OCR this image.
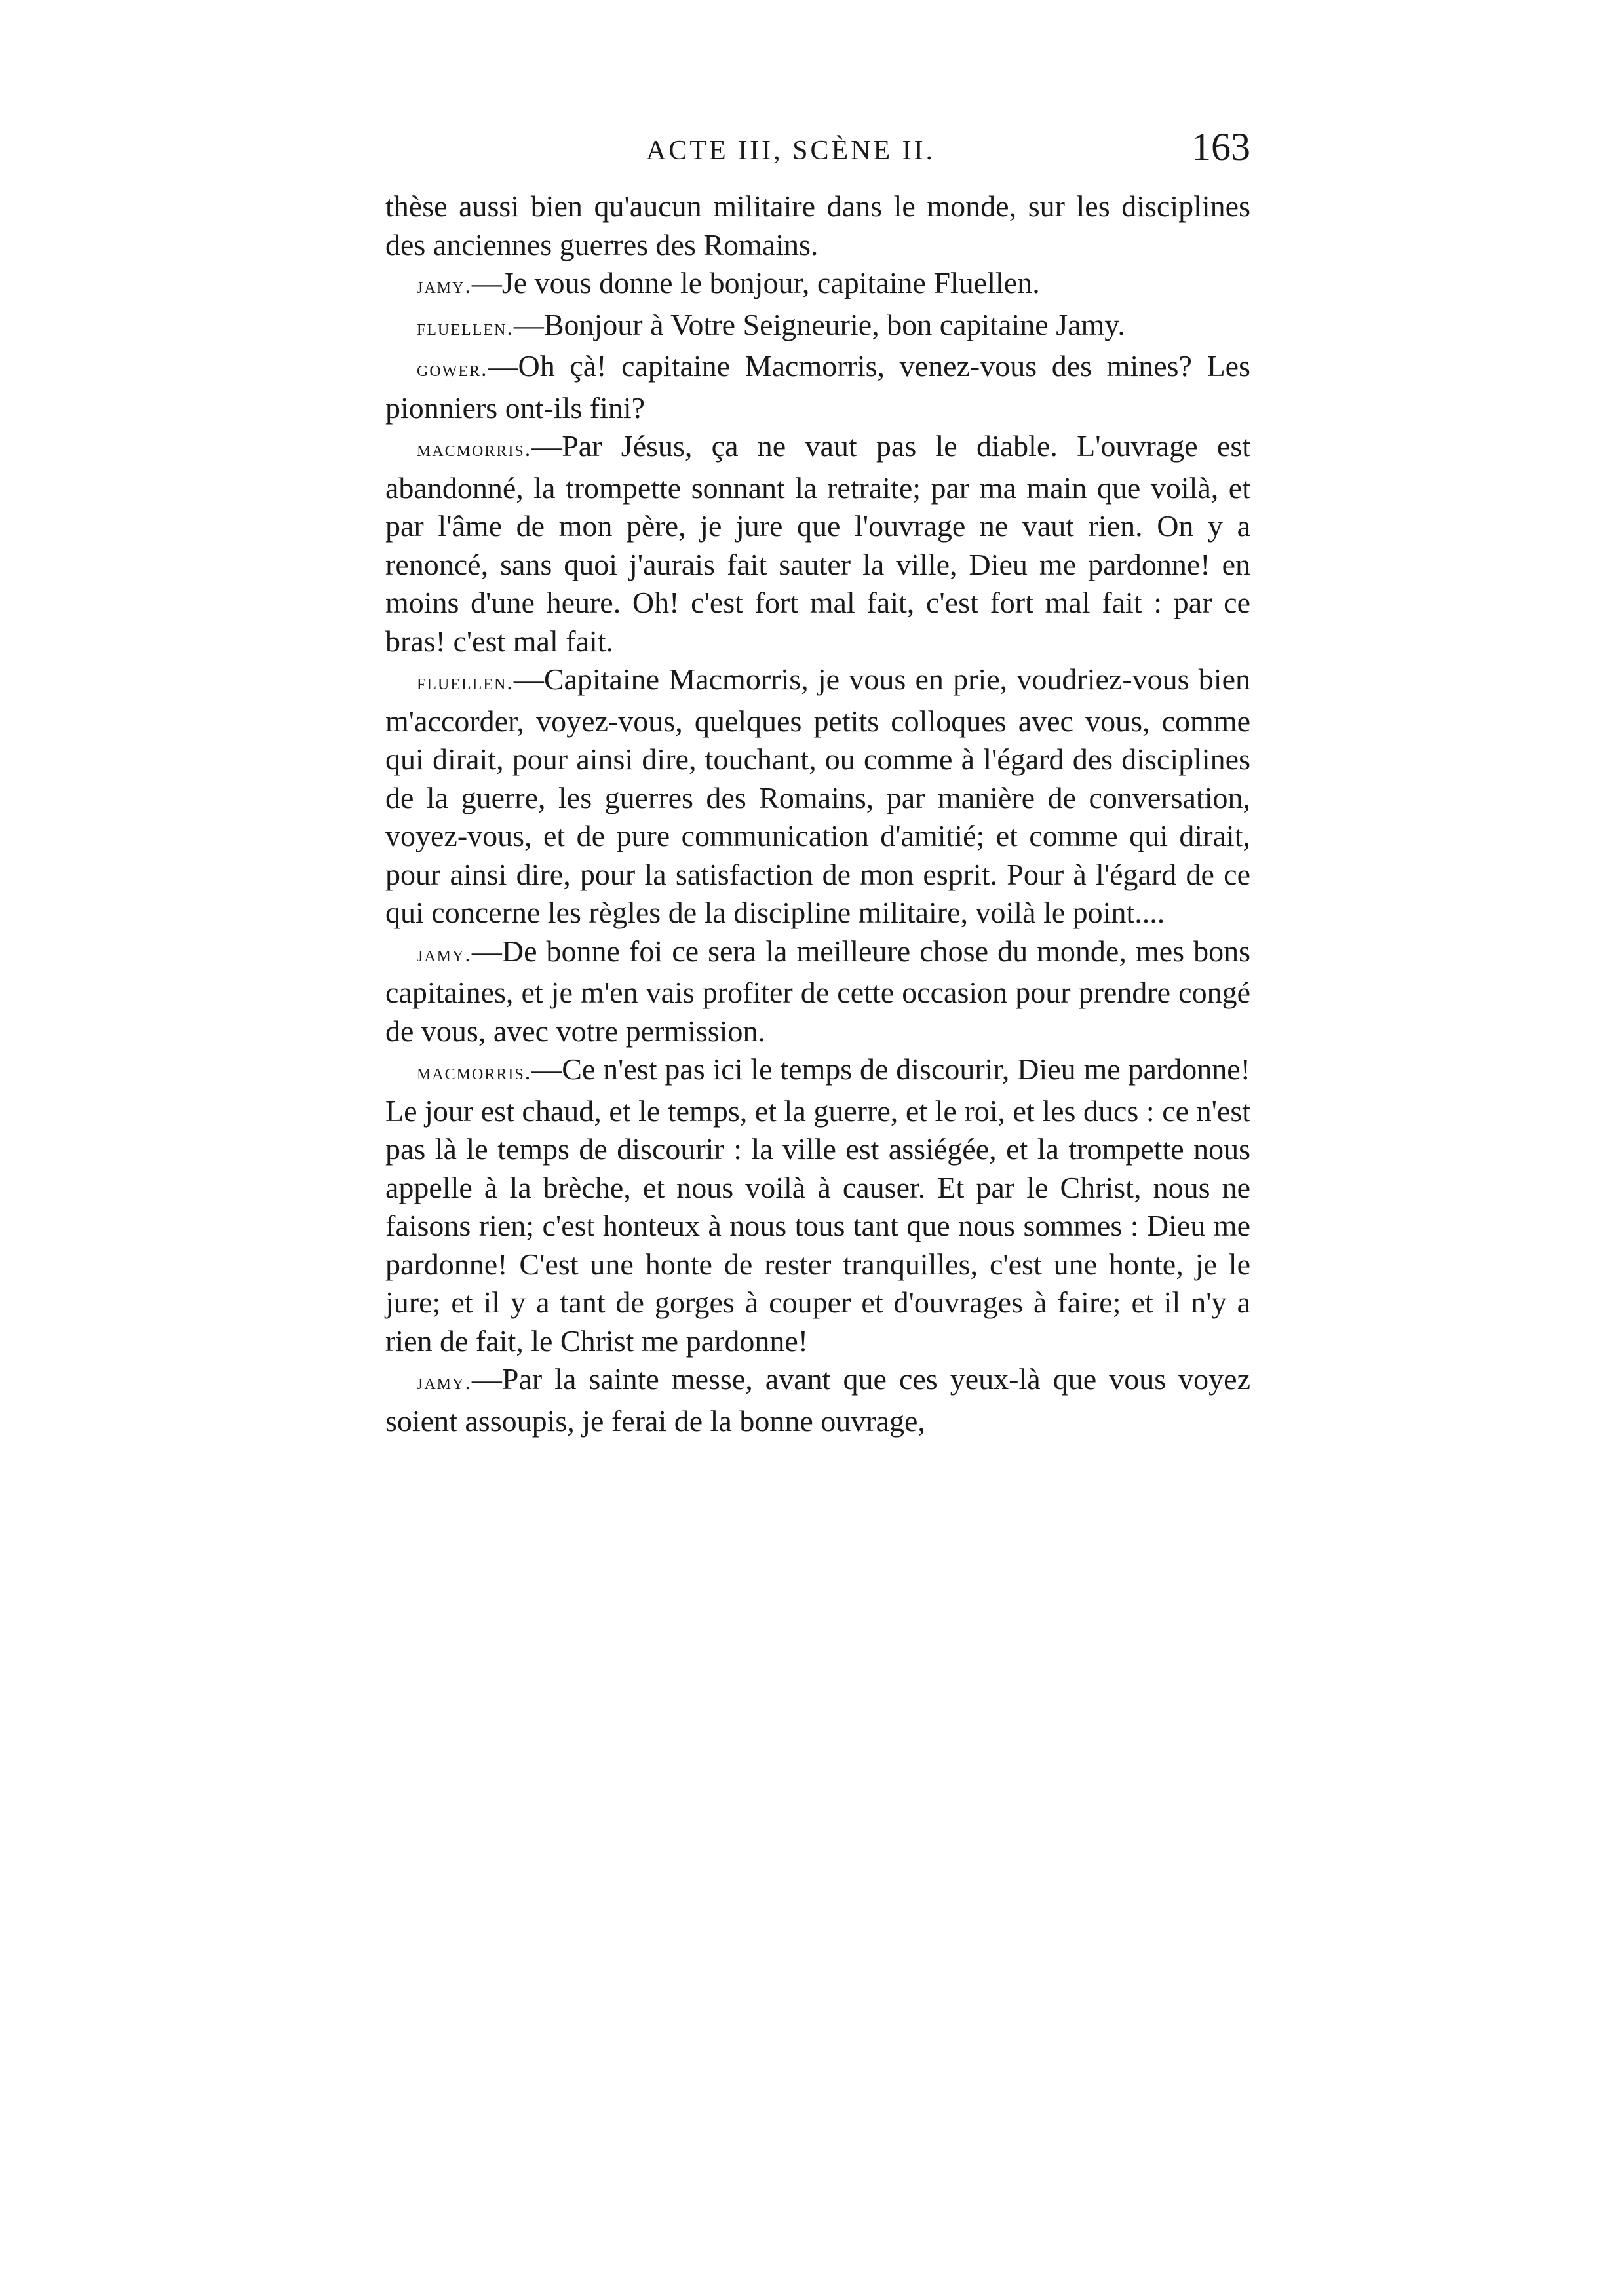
ACTE III, SCÈNE II.	163

thèse aussi bien qu'aucun militaire dans le monde, sur les disciplines des anciennes guerres des Romains.

jamy.—Je vous donne le bonjour, capitaine Fluellen.

fluellen.—Bonjour à Votre Seigneurie, bon capitaine Jamy.

gower.—Oh çà! capitaine Macmorris, venez-vous des mines? Les pionniers ont-ils fini?

macmorris.—Par Jésus, ça ne vaut pas le diable. L'ouvrage est abandonné, la trompette sonnant la retraite; par ma main que voilà, et par l'âme de mon père, je jure que l'ouvrage ne vaut rien. On y a renoncé, sans quoi j'aurais fait sauter la ville, Dieu me pardonne! en moins d'une heure. Oh! c'est fort mal fait, c'est fort mal fait : par ce bras! c'est mal fait.

fluellen.—Capitaine Macmorris, je vous en prie, voudriez-vous bien m'accorder, voyez-vous, quelques petits colloques avec vous, comme qui dirait, pour ainsi dire, touchant, ou comme à l'égard des disciplines de la guerre, les guerres des Romains, par manière de conversation, voyez-vous, et de pure communication d'amitié; et comme qui dirait, pour ainsi dire, pour la satisfaction de mon esprit. Pour à l'égard de ce qui concerne les règles de la discipline militaire, voilà le point....

jamy.—De bonne foi ce sera la meilleure chose du monde, mes bons capitaines, et je m'en vais profiter de cette occasion pour prendre congé de vous, avec votre permission.

macmorris.—Ce n'est pas ici le temps de discourir, Dieu me pardonne! Le jour est chaud, et le temps, et la guerre, et le roi, et les ducs : ce n'est pas là le temps de discourir : la ville est assiégée, et la trompette nous appelle à la brèche, et nous voilà à causer. Et par le Christ, nous ne faisons rien; c'est honteux à nous tous tant que nous sommes : Dieu me pardonne! C'est une honte de rester tranquilles, c'est une honte, je le jure; et il y a tant de gorges à couper et d'ouvrages à faire; et il n'y a rien de fait, le Christ me pardonne!

jamy.—Par la sainte messe, avant que ces yeux-là que vous voyez soient assoupis, je ferai de la bonne ouvrage,
